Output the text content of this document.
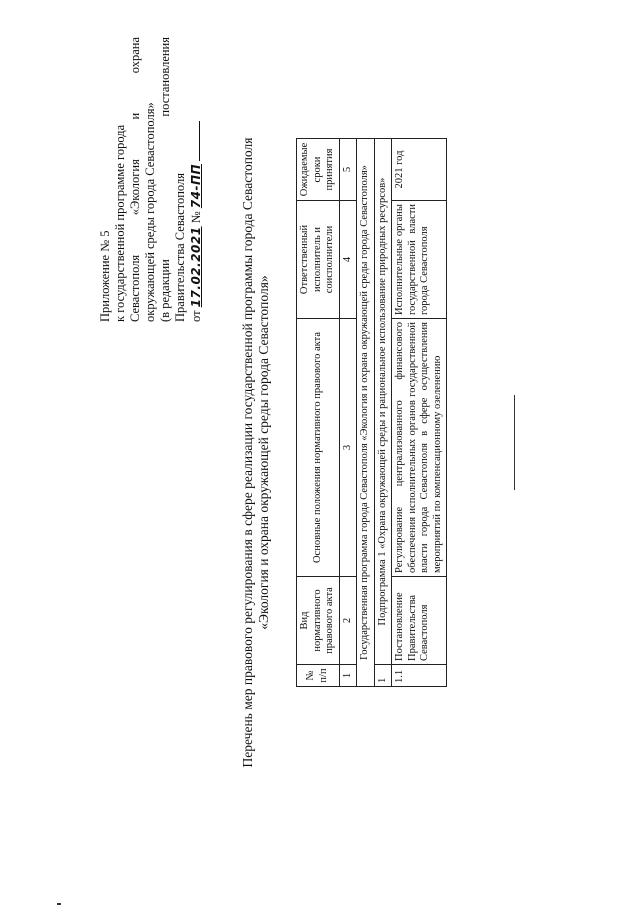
Приложение № 5 к государственной программе города Севастополя
«Экология
и
охрана
окружающей среды города Севастополя» (в редакции
постановления
Правительства Севастополя от 17.02.2021 № 74-ПП	Перечень мер правового регулирования в сфере реализации государственной программы города Севастополя «Экология и охрана окружающей среды города Севастополя»
№ п/п	Вид нормативного правового акта	Основные положения нормативного правового акта	Ответственный исполнитель и соисполнители	Ожидаемые сроки принятия
1	2	3	4	5
Государственная программа города Севастополя «Экология и охрана окружающей среды города Севастополя»				
1	Подпрограмма 1 «Охрана окружающей среды и рациональное использование природных ресурсов»			
1.1	Постановление Правительства Севастополя	Регулирование централизованного финансового обеспечения исполнительных органов государственной власти города Севастополя в сфере осуществления мероприятий по компенсационному озеленению	Исполнительные органы государственной власти города Севастополя	2021 год
